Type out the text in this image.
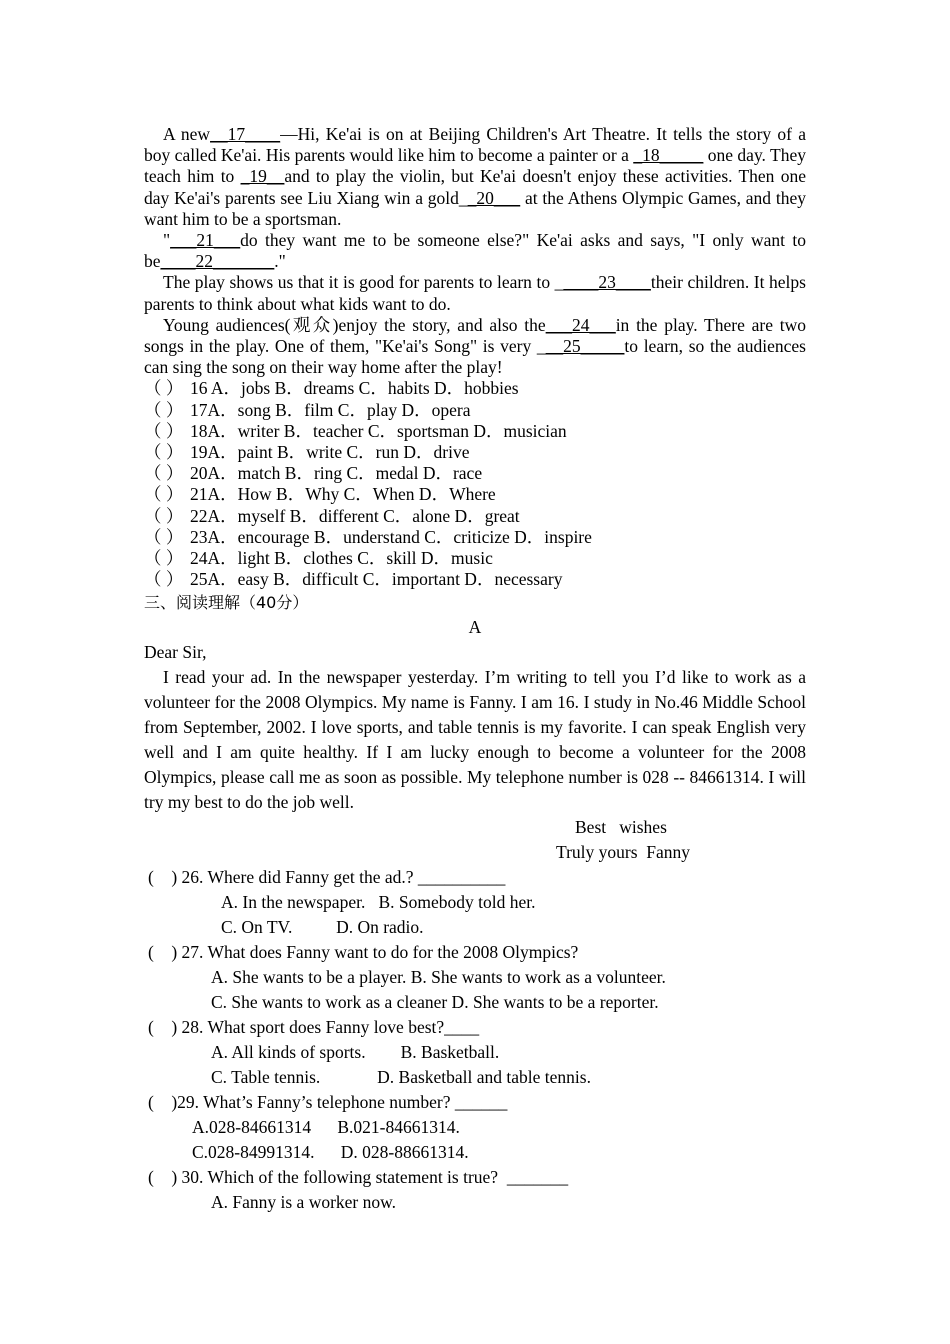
A new__17____—Hi, Ke'ai is on at Beijing Children's Art Theatre. It tells the story of a boy called Ke'ai. His parents would like him to become a painter or a _18_____ one day. They teach him to _19__and to play the violin, but Ke'ai doesn't enjoy these activities. Then one day Ke'ai's parents see Liu Xiang win a gold__20___ at the Athens Olympic Games, and they want him to be a sportsman.

"___21___do they want me to be someone else?" Ke'ai asks and says, "I only want to be____22_______."

The play shows us that it is good for parents to learn to _____23____their children. It helps parents to think about what kids want to do.

Young audiences(观众)enjoy the story, and also the___24___in the play. There are two songs in the play. One of them, "Ke'ai's Song" is very ___25_____to learn, so the audiences can sing the song on their way home after the play!

（ ） 16 A．jobs B．dreams C．habits D．hobbies
（ ） 17A．song B．film C．play D．opera
（ ） 18A．writer B．teacher C．sportsman D．musician
（ ） 19A．paint B．write C．run D．drive
（ ） 20A．match B．ring C．medal D．race
（ ） 21A．How B．Why C．When D．Where
（ ） 22A．myself B．different C．alone D．great
（ ） 23A．encourage B．understand C．criticize D．inspire
（ ） 24A．light B．clothes C．skill D．music
（ ） 25A．easy B．difficult C．important D．necessary
三、阅读理解（40分）
A
Dear Sir,

I read your ad. In the newspaper yesterday. I’m writing to tell you I’d like to work as a volunteer for the 2008 Olympics. My name is Fanny. I am 16. I study in No.46 Middle School from September, 2002. I love sports, and table tennis is my favorite. I can speak English very well and I am quite healthy. If I am lucky enough to become a volunteer for the 2008 Olympics, please call me as soon as possible. My telephone number is 028 -- 84661314. I will try my best to do the job well.

Best   wishes
Truly yours  Fanny
(    ) 26. Where did Fanny get the ad.? __________
A. In the newspaper.   B. Somebody told her.
C. On TV.          D. On radio.
(    ) 27. What does Fanny want to do for the 2008 Olympics?
A. She wants to be a player. B. She wants to work as a volunteer.
C. She wants to work as a cleaner D. She wants to be a reporter.
(    ) 28. What sport does Fanny love best?____
A. All kinds of sports.        B. Basketball.
C. Table tennis.             D. Basketball and table tennis.
(    )29. What’s Fanny’s telephone number? ______
A.028-84661314      B.021-84661314.
C.028-84991314.      D. 028-88661314.
(    ) 30. Which of the following statement is true?  _______
A. Fanny is a worker now.
